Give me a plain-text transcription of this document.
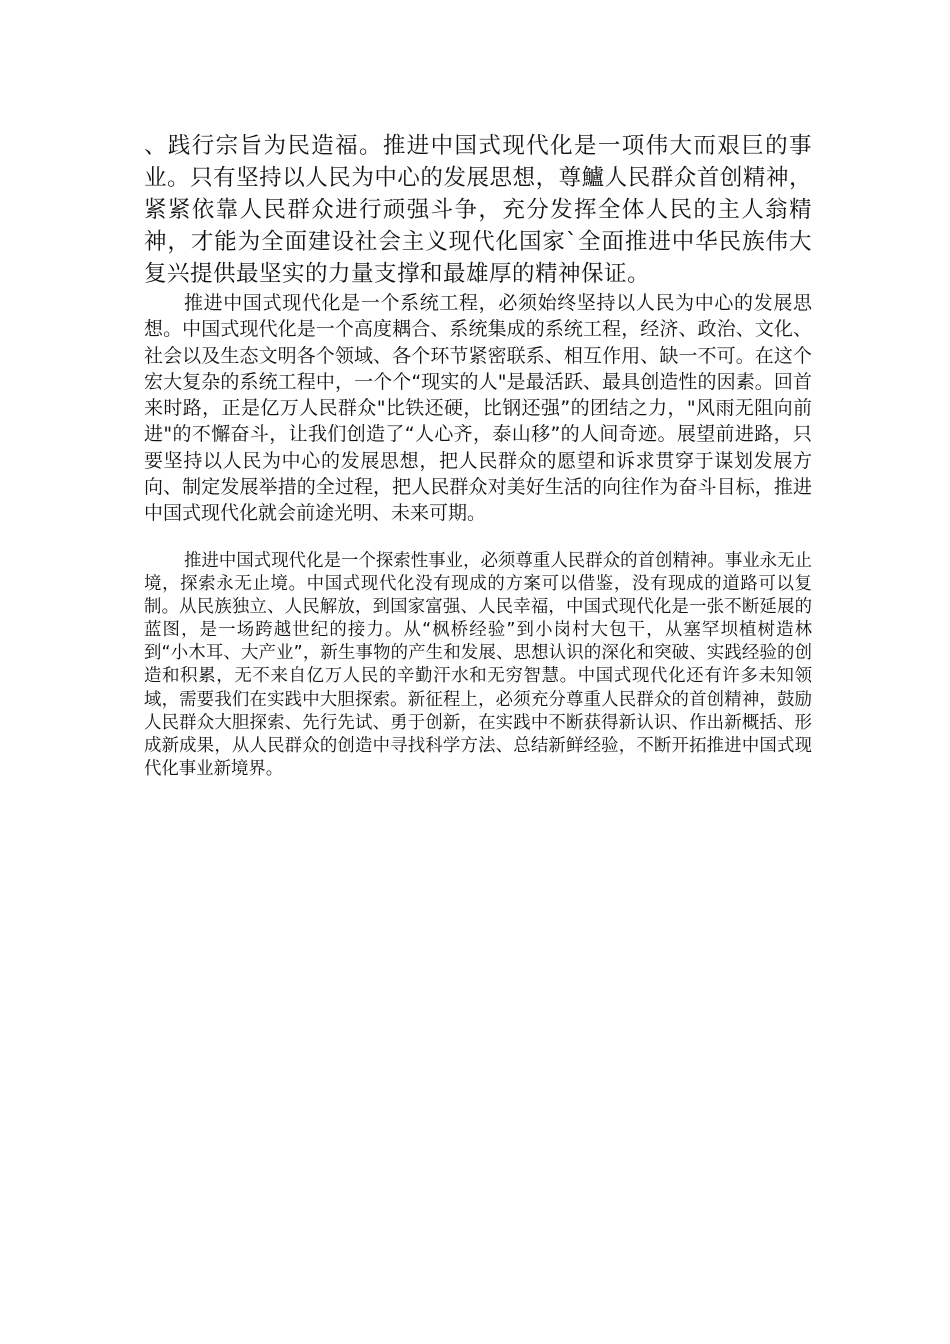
、践行宗旨为民造福。推进中国式现代化是一项伟大而艰巨的事业。只有坚持以人民为中心的发展思想，尊鱸人民群众首创精神，紧紧依靠人民群众进行顽强斗争，充分发挥全体人民的主人翁精神，才能为全面建设社会主义现代化国家`全面推进中华民族伟大复兴提供最坚实的力量支撑和最雄厚的精神保证。

推进中国式现代化是一个系统工程，必须始终坚持以人民为中心的发展思想。中国式现代化是一个高度耦合、系统集成的系统工程，经济、政治、文化、社会以及生态文明各个领域、各个环节紧密联系、相互作用、缺一不可。在这个宏大复杂的系统工程中，一个个“现实的人"是最活跃、最具创造性的因素。回首来时路，正是亿万人民群众"比铁还硬，比钢还强”的团结之力，"风雨无阻向前进"的不懈奋斗，让我们创造了“人心齐，泰山移”的人间奇迹。展望前进路，只要坚持以人民为中心的发展思想，把人民群众的愿望和诉求贯穿于谋划发展方向、制定发展举措的全过程，把人民群众对美好生活的向往作为奋斗目标，推进中国式现代化就会前途光明、未来可期。

推进中国式现代化是一个探索性事业，必须尊重人民群众的首创精神。事业永无止境，探索永无止境。中国式现代化没有现成的方案可以借鉴，没有现成的道路可以复制。从民族独立、人民解放，到国家富强、人民幸福，中国式现代化是一张不断延展的蓝图，是一场跨越世纪的接力。从“枫桥经验”到小岗村大包干，从塞罕坝植树造林到“小木耳、大产业”，新生事物的产生和发展、思想认识的深化和突破、实践经验的创造和积累，无不来自亿万人民的辛勤汗水和无穷智慧。中国式现代化还有许多未知领域，需要我们在实践中大胆探索。新征程上，必须充分尊重人民群众的首创精神，鼓励人民群众大胆探索、先行先试、勇于创新，在实践中不断获得新认识、作出新概括、形成新成果，从人民群众的创造中寻找科学方法、总结新鲜经验，不断开拓推进中国式现代化事业新境界。
